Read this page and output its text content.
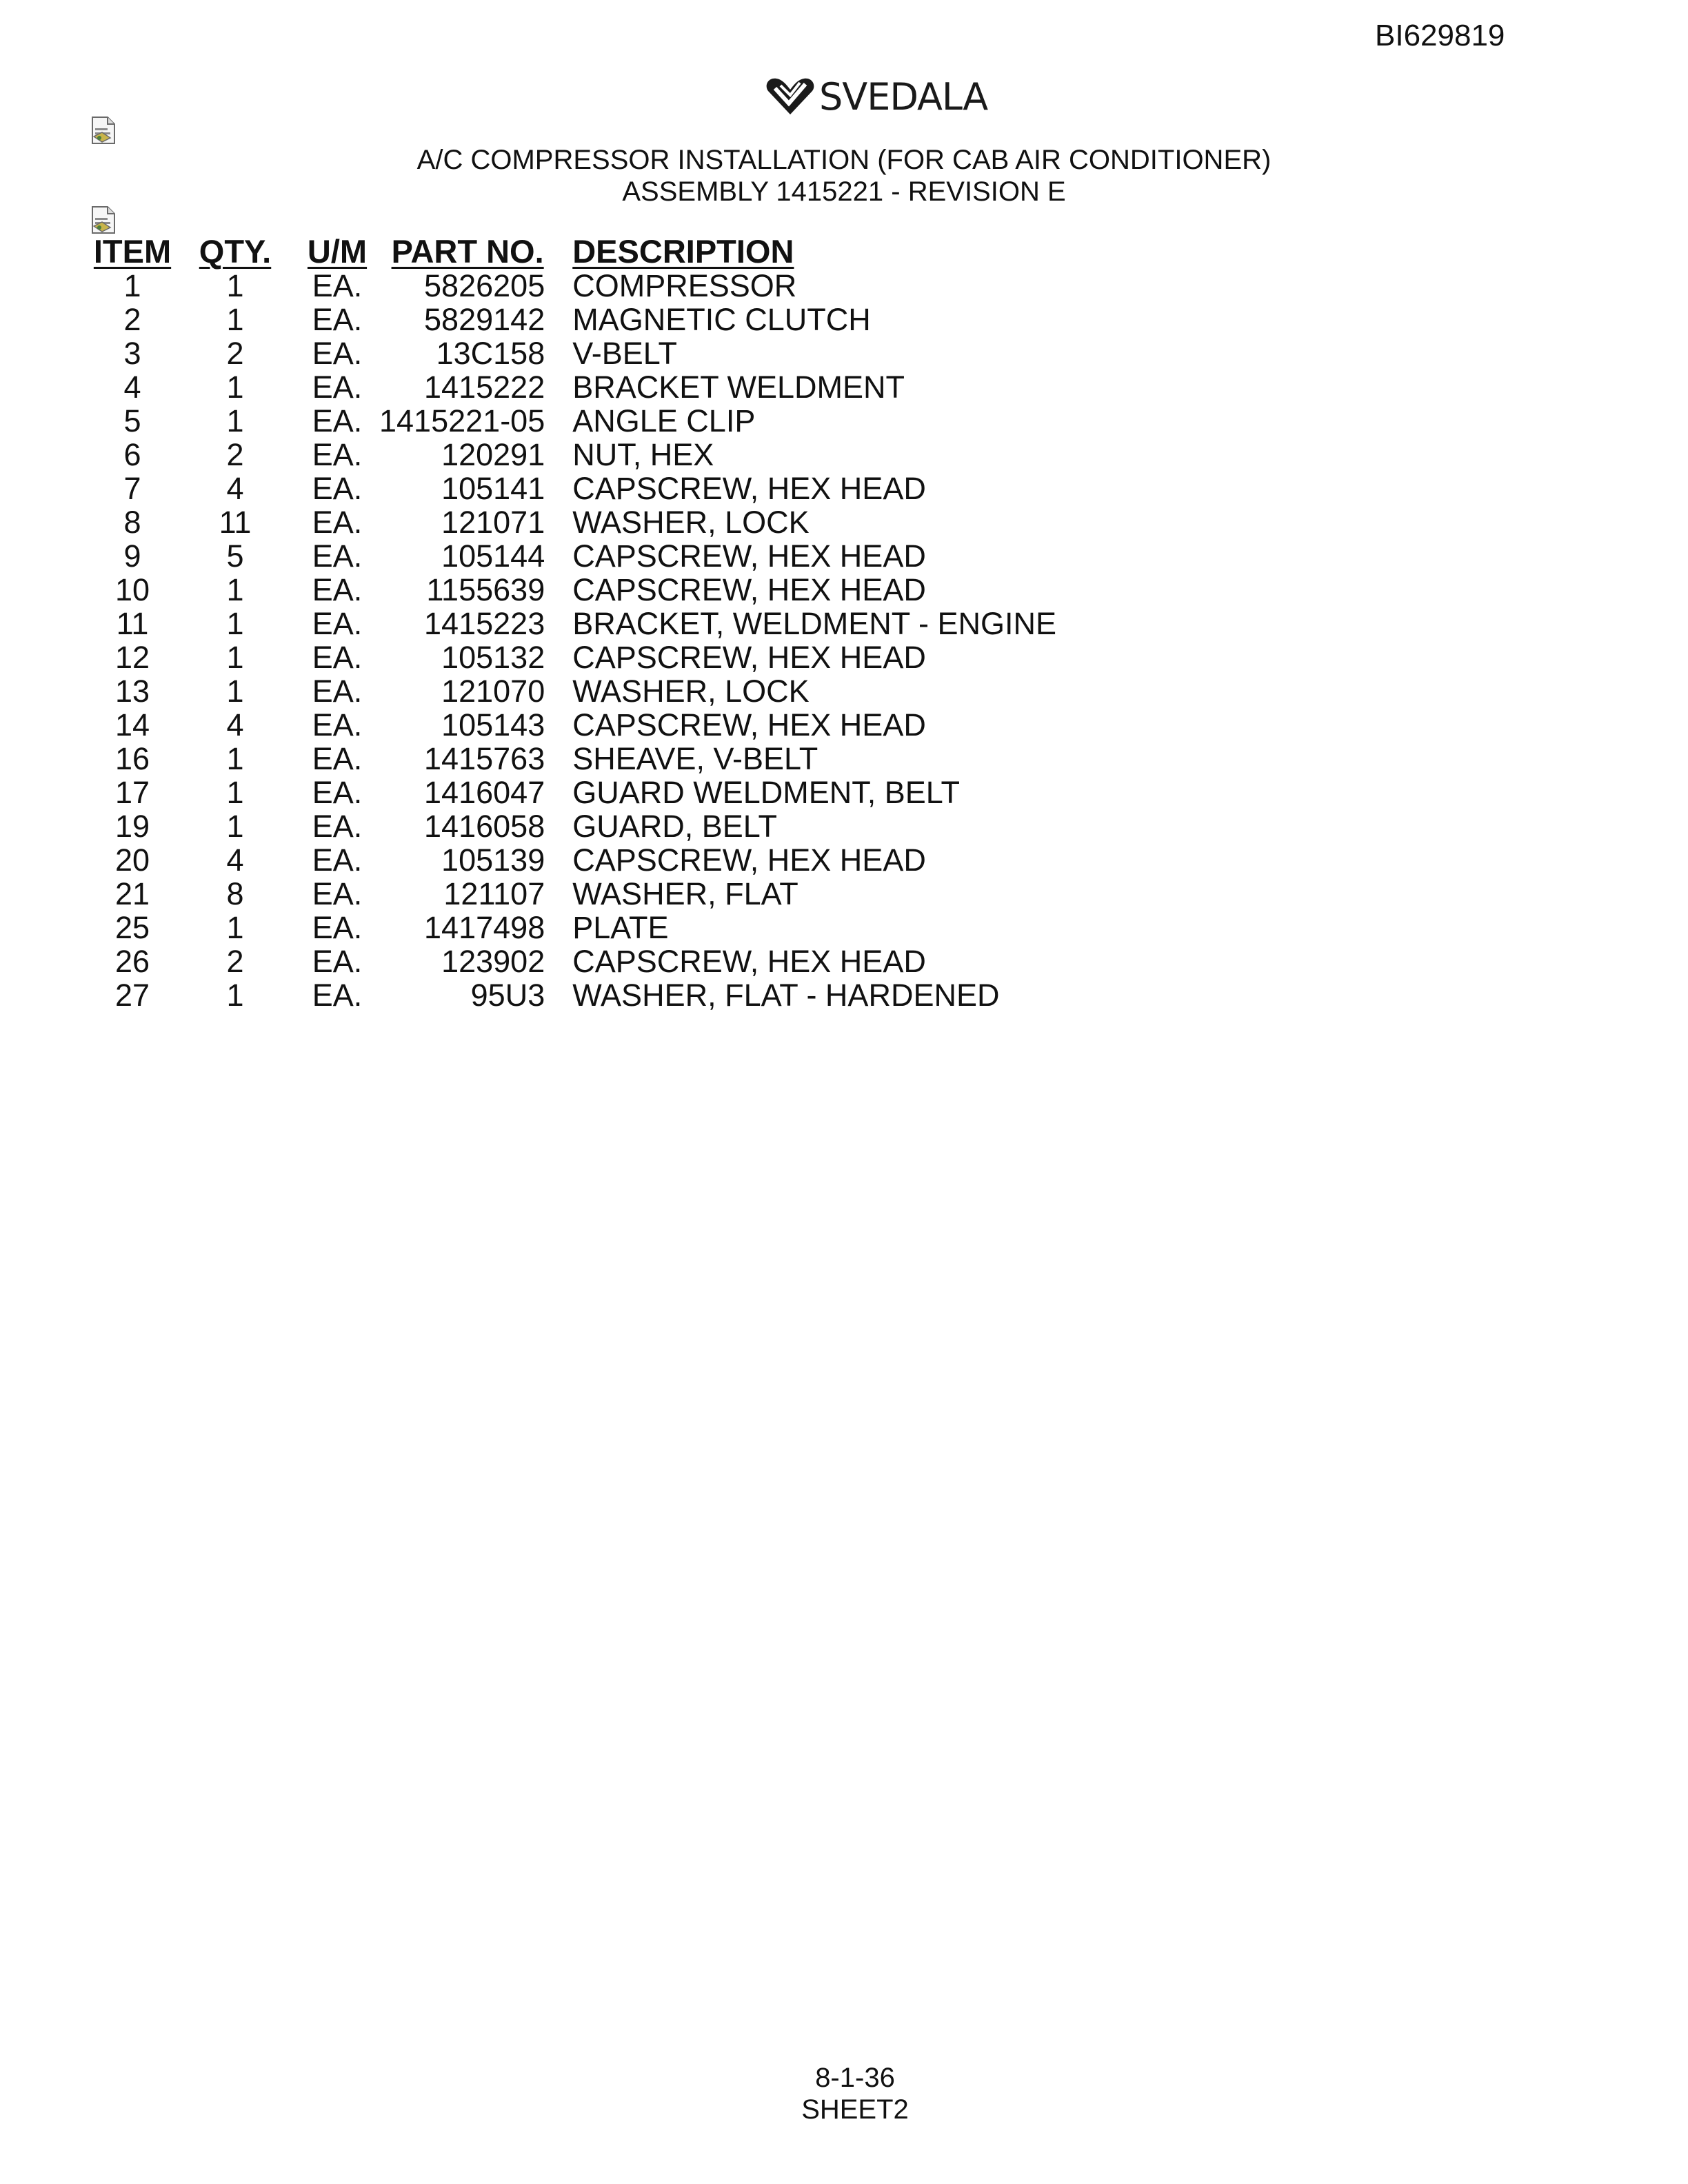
BI629819
SVEDALA
A/C COMPRESSOR INSTALLATION (FOR CAB AIR CONDITIONER)
ASSEMBLY 1415221 - REVISION E
ITEM	QTY.	U/M	PART NO.	DESCRIPTION
1	1	EA.	5826205	COMPRESSOR
2	1	EA.	5829142	MAGNETIC CLUTCH
3	2	EA.	13C158	V-BELT
4	1	EA.	1415222	BRACKET WELDMENT
5	1	EA.	1415221-05	ANGLE CLIP
6	2	EA.	120291	NUT, HEX
7	4	EA.	105141	CAPSCREW, HEX HEAD
8	11	EA.	121071	WASHER, LOCK
9	5	EA.	105144	CAPSCREW, HEX HEAD
10	1	EA.	1155639	CAPSCREW, HEX HEAD
11	1	EA.	1415223	BRACKET, WELDMENT - ENGINE
12	1	EA.	105132	CAPSCREW, HEX HEAD
13	1	EA.	121070	WASHER, LOCK
14	4	EA.	105143	CAPSCREW, HEX HEAD
16	1	EA.	1415763	SHEAVE, V-BELT
17	1	EA.	1416047	GUARD WELDMENT, BELT
19	1	EA.	1416058	GUARD, BELT
20	4	EA.	105139	CAPSCREW, HEX HEAD
21	8	EA.	121107	WASHER, FLAT
25	1	EA.	1417498	PLATE
26	2	EA.	123902	CAPSCREW, HEX HEAD
27	1	EA.	95U3	WASHER, FLAT - HARDENED
8-1-36
SHEET2
